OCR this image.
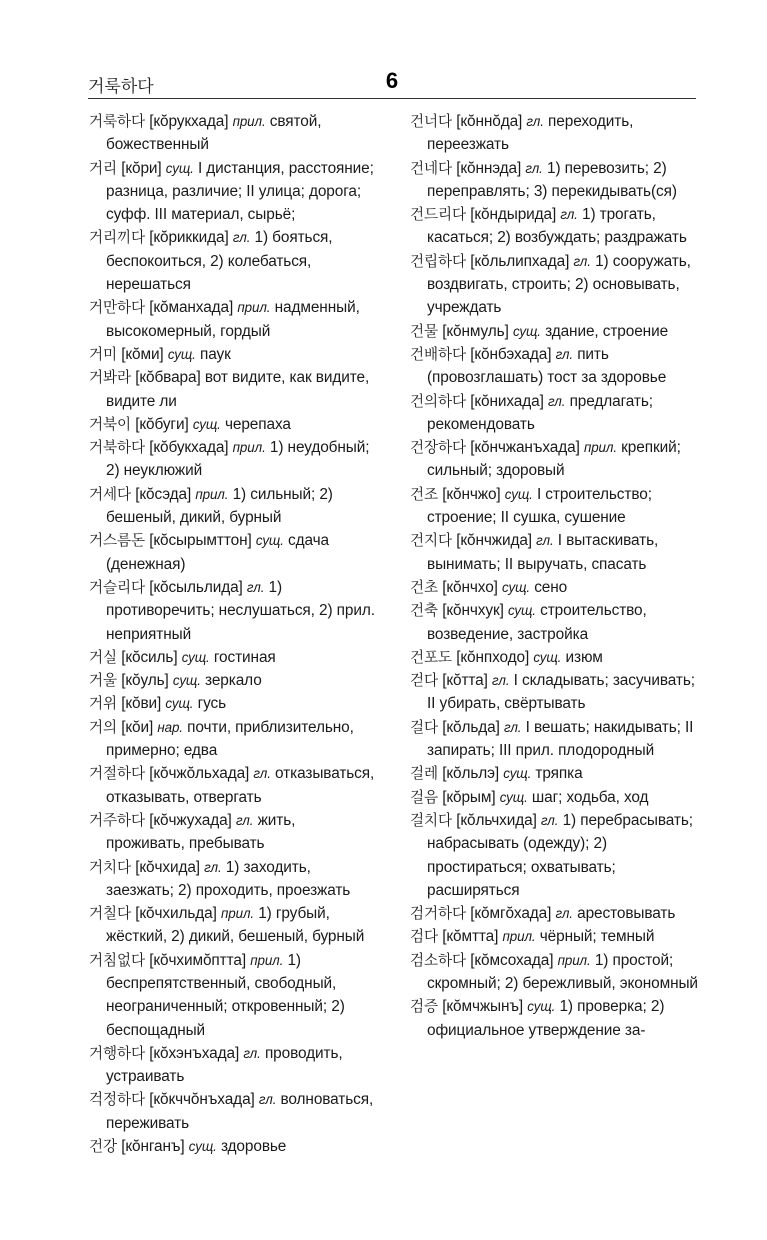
거룩하다	6

거룩하다 [кŏрукхада] прил. святой, божественный

거리 [кŏри] сущ. I дистанция, расстояние; разница, различие; II улица; дорога; суфф. III материал, сырьё;

거리끼다 [кŏриккида] гл. 1) бояться, беспокоиться, 2) колебаться, нерешаться

거만하다 [кŏманхада] прил. надменный, высокомерный, гордый

거미 [кŏми] сущ. паук

거봐라 [кŏбвара] вот видите, как видите, видите ли

거북이 [кŏбуги] сущ. черепаха

거북하다 [кŏбукхада] прил. 1) неудобный; 2) неуклюжий

거세다 [кŏсэда] прил. 1) сильный; 2) бешеный, дикий, бурный

거스름돈 [кŏсырымттон] сущ. сдача (денежная)

거슬리다 [кŏсыльлида] гл. 1) противоречить; неслушаться, 2) прил. неприятный

거실 [кŏсиль] сущ. гостиная

거울 [кŏуль] сущ. зеркало

거위 [кŏви] сущ. гусь

거의 [кŏи] нар. почти, приблизительно, примерно; едва

거절하다 [кŏчжŏльхада] гл. отказываться, отказывать, отвергать

거주하다 [кŏчжухада] гл. жить, проживать, пребывать

거치다 [кŏчхида] гл. 1) заходить, заезжать; 2) проходить, проезжать

거칠다 [кŏчхильда] прил. 1) грубый, жёсткий, 2) дикий, бешеный, бурный

거침없다 [кŏчхимŏптта] прил. 1) беспрепятственный, свободный, неограниченный; откровенный; 2) беспощадный

거행하다 [кŏхэнъхада] гл. проводить, устраивать

걱정하다 [кŏкччŏнъхада] гл. волноваться, переживать

건강 [кŏнганъ] сущ. здоровье

건너다 [кŏннŏда] гл. переходить, переезжать

건네다 [кŏннэда] гл. 1) перевозить; 2) переправлять; 3) перекидывать(ся)

건드리다 [кŏндырида] гл. 1) трогать, касаться; 2) возбуждать; раздражать

건립하다 [кŏльлипхада] гл. 1) сооружать, воздвигать, строить; 2) основывать, учреждать

건물 [кŏнмуль] сущ. здание, строение

건배하다 [кŏнбэхада] гл. пить (провозглашать) тост за здоровье

건의하다 [кŏнихада] гл. предлагать; рекомендовать

건장하다 [кŏнчжанъхада] прил. крепкий; сильный; здоровый

건조 [кŏнчжо] сущ. I строительство; строение; II сушка, сушение

건지다 [кŏнчжида] гл. I вытаскивать, вынимать; II выручать, спасать

건초 [кŏнчхо] сущ. сено

건축 [кŏнчхук] сущ. строительство, возведение, застройка

건포도 [кŏнпходо] сущ. изюм

걷다 [кŏтта] гл. I складывать; засучивать; II убирать, свёртывать

걸다 [кŏльда] гл. I вешать; накидывать; II запирать; III прил. плодородный

걸레 [кŏльлэ] сущ. тряпка

걸음 [кŏрым] сущ. шаг; ходьба, ход

걸치다 [кŏльчхида] гл. 1) перебрасывать; набрасывать (одежду); 2) простираться; охватывать; расширяться

검거하다 [кŏмгŏхада] гл. арестовывать

검다 [кŏмтта] прил. чёрный; темный

검소하다 [кŏмсохада] прил. 1) простой; скромный; 2) бережливый, экономный

검증 [кŏмчжынъ] сущ. 1) проверка; 2) официальное утверждение за-
